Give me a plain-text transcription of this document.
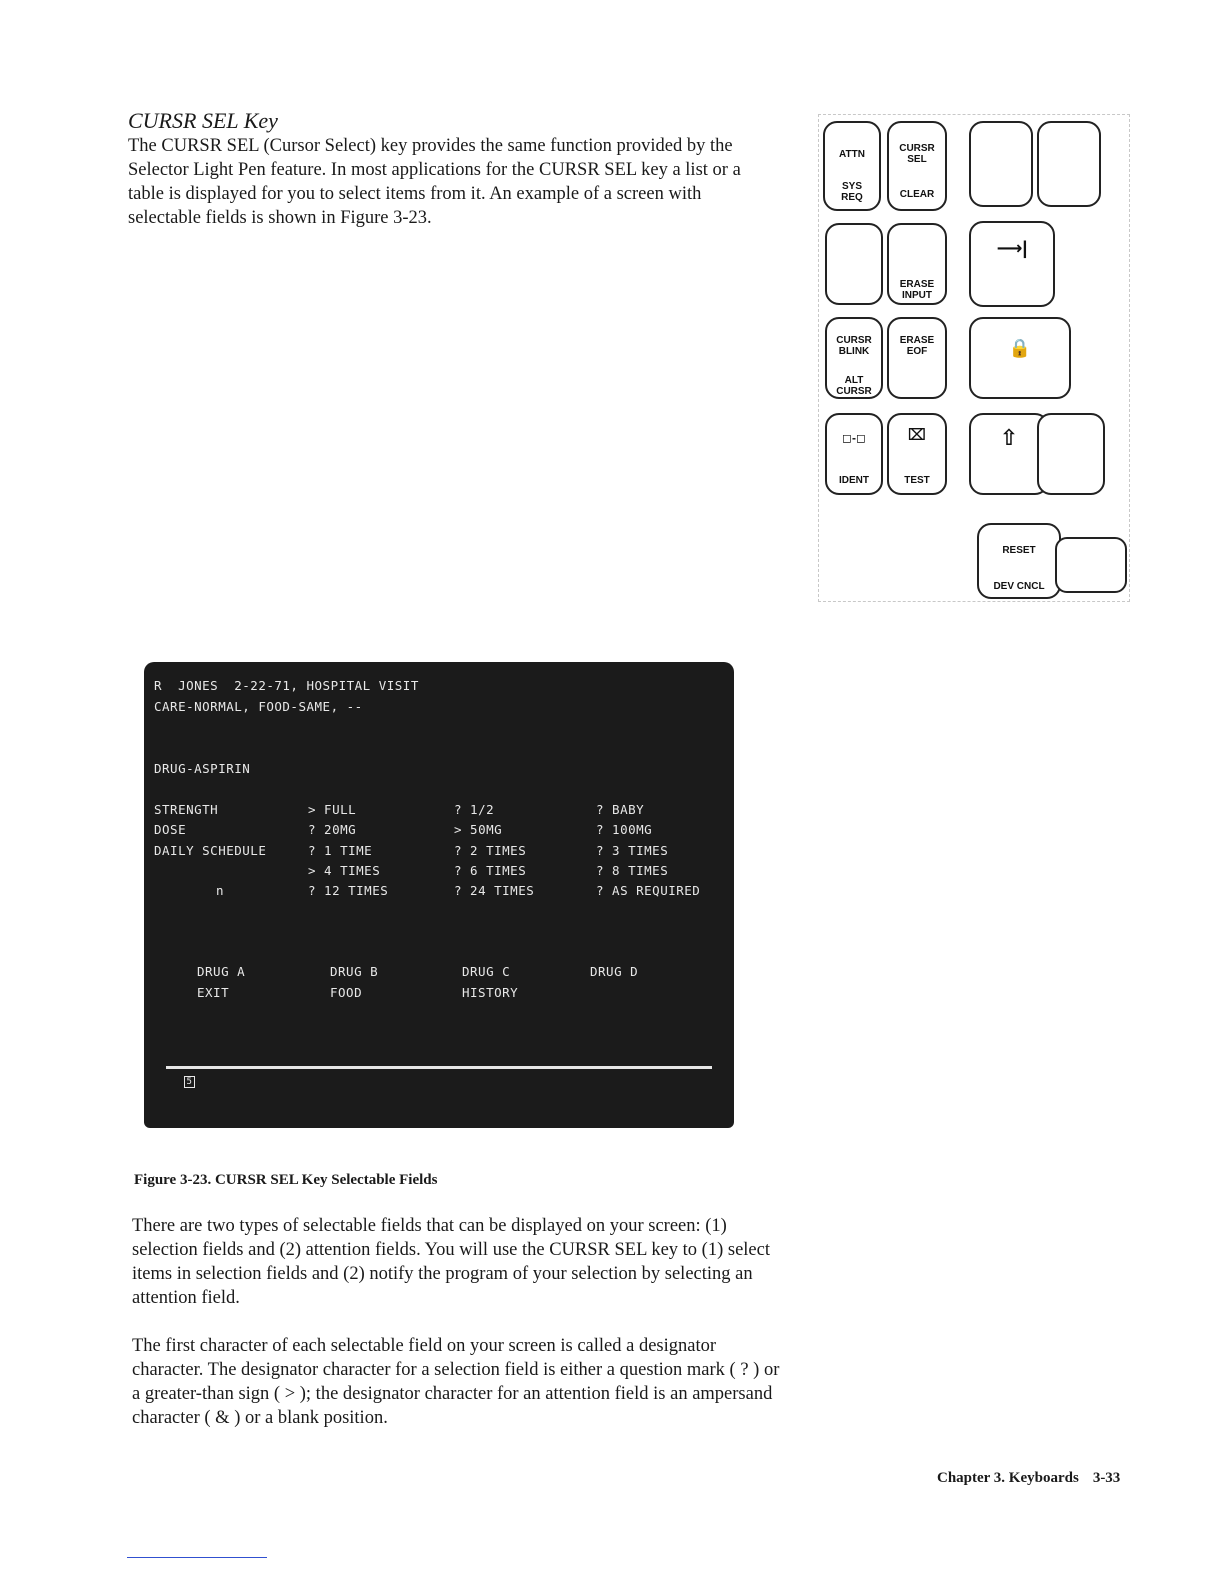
CURSR SEL Key

The CURSR SEL (Cursor Select) key provides the same function provided by the Selector Light Pen feature. In most applications for the CURSR SEL key a list or a table is displayed for you to select items from it. An example of a screen with selectable fields is shown in Figure 3-23.

ATTN
SYS
REQ
CURSR
SEL
CLEAR
ERASE
INPUT
⟶|
CURSR
BLINK
ALT
CURSR
ERASE
EOF	🔒
◻-◻
IDENT
⌧
TEST
⇧
RESET
DEV CNCL
R  JONES  2-22-71, HOSPITAL VISIT
CARE-NORMAL, FOOD-SAME, --
DRUG-ASPIRIN
STRENGTH	> FULL	? 1/2	? BABY
DOSE	? 20MG	> 50MG	? 100MG
DAILY SCHEDULE	? 1 TIME	? 2 TIMES	? 3 TIMES
> 4 TIMES	? 6 TIMES	? 8 TIMES
n	? 12 TIMES	? 24 TIMES	? AS REQUIRED
DRUG A	DRUG B	DRUG C	DRUG D
EXIT	FOOD	HISTORY
5

Figure 3-23. CURSR SEL Key Selectable Fields

There are two types of selectable fields that can be displayed on your screen: (1) selection fields and (2) attention fields. You will use the CURSR SEL key to (1) select items in selection fields and (2) notify the program of your selection by selecting an attention field.

The first character of each selectable field on your screen is called a designator character. The designator character for a selection field is either a question mark ( ? ) or a greater-than sign ( > ); the designator character for an attention field is an ampersand character ( & ) or a blank position.

Chapter 3. Keyboards 3-33
